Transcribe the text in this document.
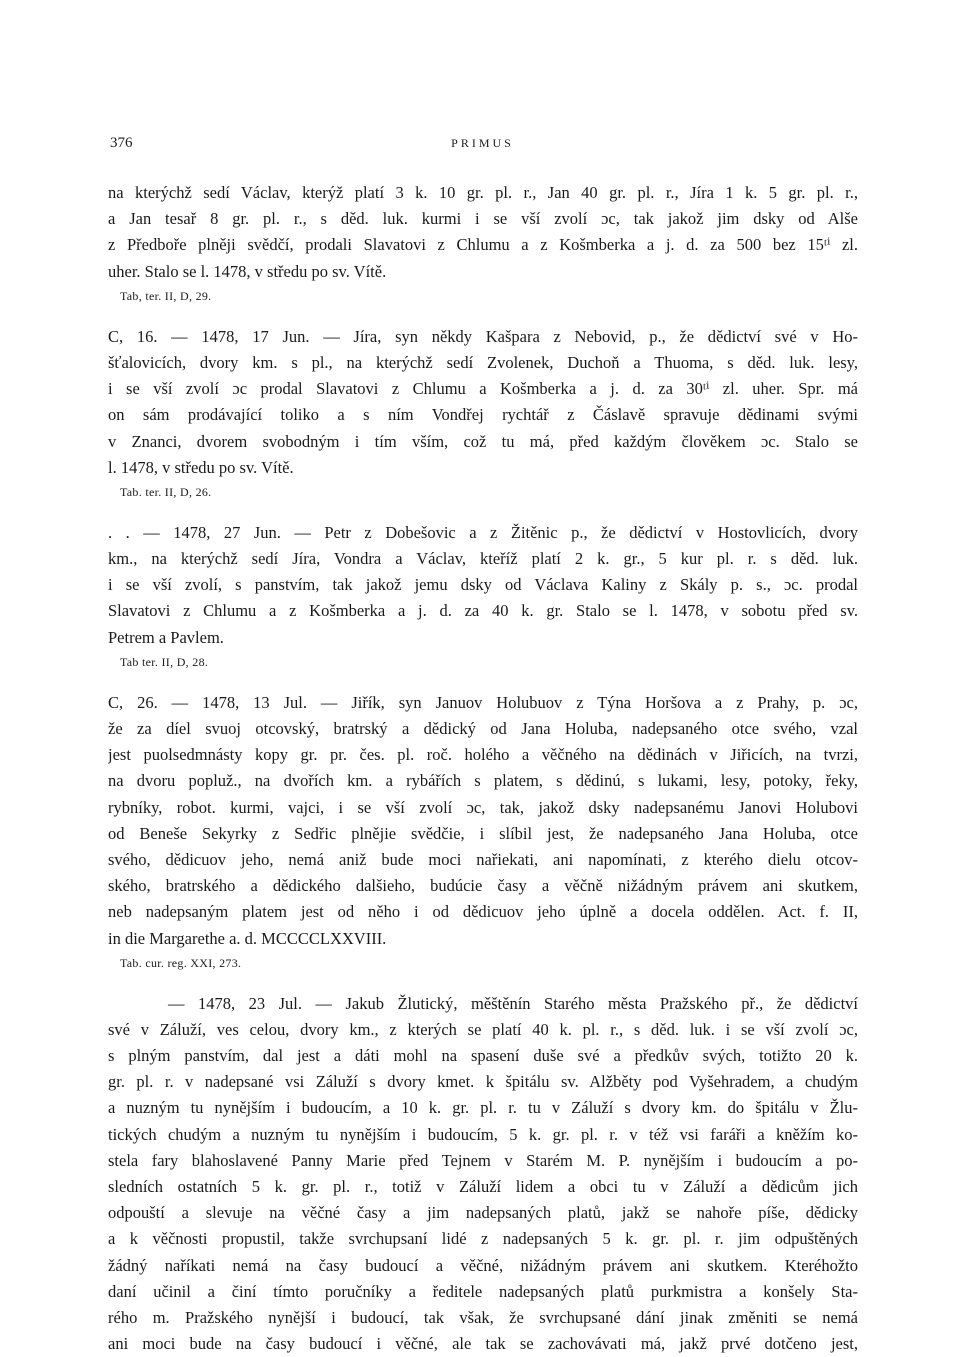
376	PRIMUS
na kterýchž sedí Václav, kterýž platí 3 k. 10 gr. pl. r., Jan 40 gr. pl. r., Jíra 1 k. 5 gr. pl. r.,
a Jan tesař 8 gr. pl. r., s děd. luk. kurmi i se vší zvolí ɔc, tak jakož jim dsky od Alše
z Předboře plněji svědčí, prodali Slavatovi z Chlumu a z Košmberka a j. d. za 500 bez 15ᵗⁱ zl.
uher. Stalo se l. 1478, v středu po sv. Vítě.
Tab, ter. II, D, 29.
C, 16. — 1478, 17 Jun. — Jíra, syn někdy Kašpara z Nebovid, p., že dědictví své v Ho-
šťalovicích, dvory km. s pl., na kterýchž sedí Zvolenek, Duchoň a Thuoma, s děd. luk. lesy,
i se vší zvolí ɔc prodal Slavatovi z Chlumu a Košmberka a j. d. za 30ᵗⁱ zl. uher. Spr. má
on sám prodávající toliko a s ním Vondřej rychtář z Čáslavě spravuje dědinami svými
v Znanci, dvorem svobodným i tím vším, což tu má, před každým člověkem ɔc. Stalo se
l. 1478, v středu po sv. Vítě.
Tab. ter. II, D, 26.
. . — 1478, 27 Jun. — Petr z Dobešovic a z Žitěnic p., že dědictví v Hostovlicích, dvory
km., na kterýchž sedí Jíra, Vondra a Václav, kteříž platí 2 k. gr., 5 kur pl. r. s děd. luk.
i se vší zvolí, s panstvím, tak jakož jemu dsky od Václava Kaliny z Skály p. s., ɔc. prodal
Slavatovi z Chlumu a z Košmberka a j. d. za 40 k. gr. Stalo se l. 1478, v sobotu před sv.
Petrem a Pavlem.
Tab ter. II, D, 28.
C, 26. — 1478, 13 Jul. — Jiřík, syn Januov Holubuov z Týna Horšova a z Prahy, p. ɔc,
že za díel svuoj otcovský, bratrský a dědický od Jana Holuba, nadepsaného otce svého, vzal
jest puolsedmnásty kopy gr. pr. čes. pl. roč. holého a věčného na dědinách v Jiřicích, na tvrzi,
na dvoru popluž., na dvořích km. a rybářích s platem, s dědinú, s lukami, lesy, potoky, řeky,
rybníky, robot. kurmi, vajci, i se vší zvolí ɔc, tak, jakož dsky nadepsanému Janovi Holubovi
od Beneše Sekyrky z Sedřic plnějie svědčie, i slíbil jest, že nadepsaného Jana Holuba, otce
svého, dědicuov jeho, nemá aniž bude moci nařiekati, ani napomínati, z kterého dielu otcov-
ského, bratrského a dědického dalšieho, budúcie časy a věčně nižádným právem ani skutkem,
neb nadepsaným platem jest od něho i od dědicuov jeho úplně a docela oddělen. Act. f. II,
in die Margarethe a. d. MCCCCLXXVIII.
Tab. cur. reg. XXI, 273.
— 1478, 23 Jul. — Jakub Žlutický, měštěnín Starého města Pražského př., že dědictví
své v Záluží, ves celou, dvory km., z kterých se platí 40 k. pl. r., s děd. luk. i se vší zvolí ɔc,
s plným panstvím, dal jest a dáti mohl na spasení duše své a předkův svých, totižto 20 k.
gr. pl. r. v nadepsané vsi Záluží s dvory kmet. k špitálu sv. Alžběty pod Vyšehradem, a chudým
a nuzným tu nynějším i budoucím, a 10 k. gr. pl. r. tu v Záluží s dvory km. do špitálu v Žlu-
tických chudým a nuzným tu nynějším i budoucím, 5 k. gr. pl. r. v též vsi faráři a kněžím ko-
stela fary blahoslavené Panny Marie před Tejnem v Starém M. P. nynějším i budoucím a po-
sledních ostatních 5 k. gr. pl. r., totiž v Záluží lidem a obci tu v Záluží a dědicům jich
odpouští a slevuje na věčné časy a jim nadepsaných platů, jakž se nahoře píše, dědicky
a k věčnosti propustil, takže svrchupsaní lidé z nadepsaných 5 k. gr. pl. r. jim odpuštěných
žádný naříkati nemá na časy budoucí a věčné, nižádným právem ani skutkem. Kteréhožto
daní učinil a činí tímto poručníky a ředitele nadepsaných platů purkmistra a konšely Sta-
rého m. Pražského nynější i budoucí, tak však, že svrchupsané dání jinak změniti se nemá
ani moci bude na časy budoucí i věčné, ale tak se zachovávati má, jakž prvé dotčeno jest,
